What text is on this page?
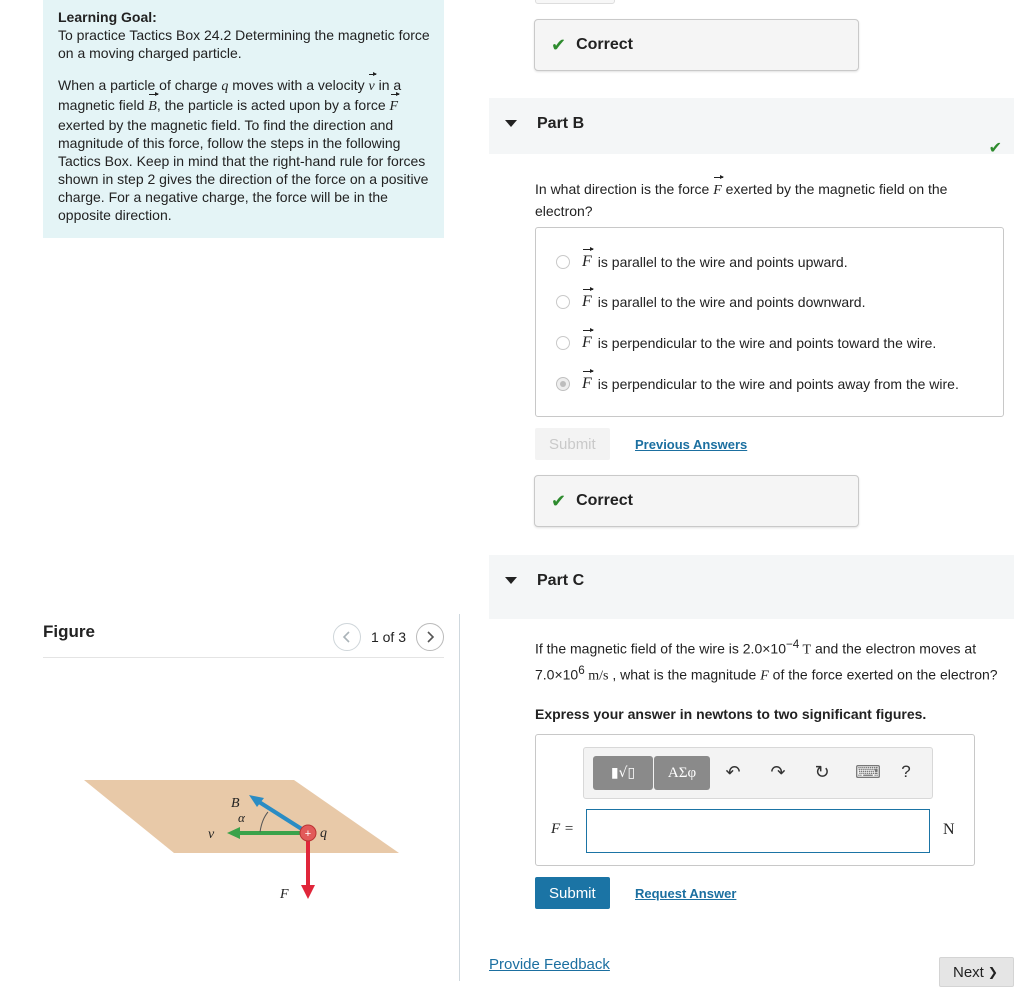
Learning Goal:
To practice Tactics Box 24.2 Determining the magnetic force on a moving charged particle.

When a particle of charge q moves with a velocity v in a magnetic field B, the particle is acted upon by a force F exerted by the magnetic field. To find the direction and magnitude of this force, follow the steps in the following Tactics Box. Keep in mind that the right-hand rule for forces shown in step 2 gives the direction of the force on a positive charge. For a negative charge, the force will be in the opposite direction.

Figure	1 of 3
+
B
α
v	q
F
✔ Correct
Part B
✔
In what direction is the force F exerted by the magnetic field on the electron?
F is parallel to the wire and points upward.
F is parallel to the wire and points downward.
F is perpendicular to the wire and points toward the wire.
F is perpendicular to the wire and points away from the wire.
Submit	Previous Answers
✔ Correct
Part C
If the magnetic field of the wire is $2.0\times 10^{-4}$ T and the electron moves at $7.0\times 10^6$ m/s , what is the magnitude F of the force exerted on the electron?
Express your answer in newtons to two significant figures.
▮√▯	ΑΣφ	↶ ↷ ↻ ⌨	?
F =	N
Submit	Request Answer
Provide Feedback	Next ❯
